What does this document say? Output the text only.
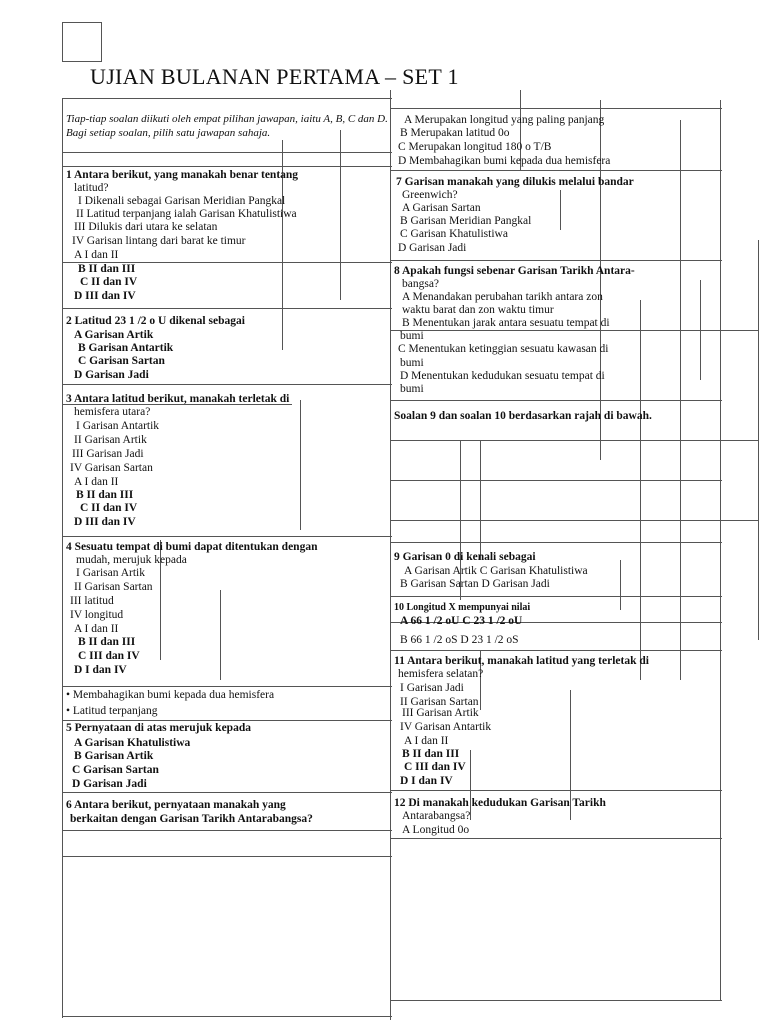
UJIAN BULANAN PERTAMA – SET 1
Tiap-tiap soalan diikuti oleh empat pilihan jawapan, iaitu A, B, C dan D. Bagi setiap soalan, pilih satu jawapan sahaja.
1 Antara berikut, yang manakah benar tentang
latitud?
I Dikenali sebagai Garisan Meridian Pangkal
II Latitud terpanjang ialah Garisan Khatulistiwa
III Dilukis dari utara ke selatan
IV Garisan lintang dari barat ke timur
A I dan II
B II dan III
C II dan IV
D III dan IV
2 Latitud 23 1 /2 o U dikenal sebagai
A Garisan Artik
B Garisan Antartik
C Garisan Sartan
D Garisan Jadi
3 Antara latitud berikut, manakah terletak di
hemisfera utara?
I Garisan Antartik
II Garisan Artik
III Garisan Jadi
IV Garisan Sartan
A I dan II
B II dan III
C II dan IV
D III dan IV
4 Sesuatu tempat di bumi dapat ditentukan dengan
mudah, merujuk kepada
I Garisan Artik
II Garisan Sartan
III latitud
IV longitud
A I dan II
B II dan III
C III dan IV
D I dan IV
• Membahagikan bumi kepada dua hemisfera
• Latitud terpanjang
5 Pernyataan di atas merujuk kepada
A Garisan Khatulistiwa
B Garisan Artik
C Garisan Sartan
D Garisan Jadi
6 Antara berikut, pernyataan manakah yang
berkaitan dengan Garisan Tarikh Antarabangsa?
A Merupakan longitud yang paling panjang
B Merupakan latitud 0o
C Merupakan longitud 180 o T/B
D Membahagikan bumi kepada dua hemisfera
7 Garisan manakah yang dilukis melalui bandar
Greenwich?
A Garisan Sartan
B Garisan Meridian Pangkal
C Garisan Khatulistiwa
D Garisan Jadi
8 Apakah fungsi sebenar Garisan Tarikh Antara-
bangsa?
A Menandakan perubahan tarikh antara zon
waktu barat dan zon waktu timur
B Menentukan jarak antara sesuatu tempat di
bumi
C Menentukan ketinggian sesuatu kawasan di
bumi
D Menentukan kedudukan sesuatu tempat di
bumi
Soalan 9 dan soalan 10 berdasarkan rajah di bawah.
9 Garisan 0 di kenali sebagai
A Garisan Artik C Garisan Khatulistiwa
B Garisan Sartan D Garisan Jadi
10 Longitud X mempunyai nilai
A 66 1 /2 oU C 23 1 /2 oU
B 66 1 /2 oS D 23 1 /2 oS
11 Antara berikut, manakah latitud yang terletak di
hemisfera selatan?
I Garisan Jadi
II Garisan Sartan
III Garisan Artik
IV Garisan Antartik
A I dan II
B II dan III
C III dan IV
D I dan IV
12 Di manakah kedudukan Garisan Tarikh
Antarabangsa?
A Longitud 0o
